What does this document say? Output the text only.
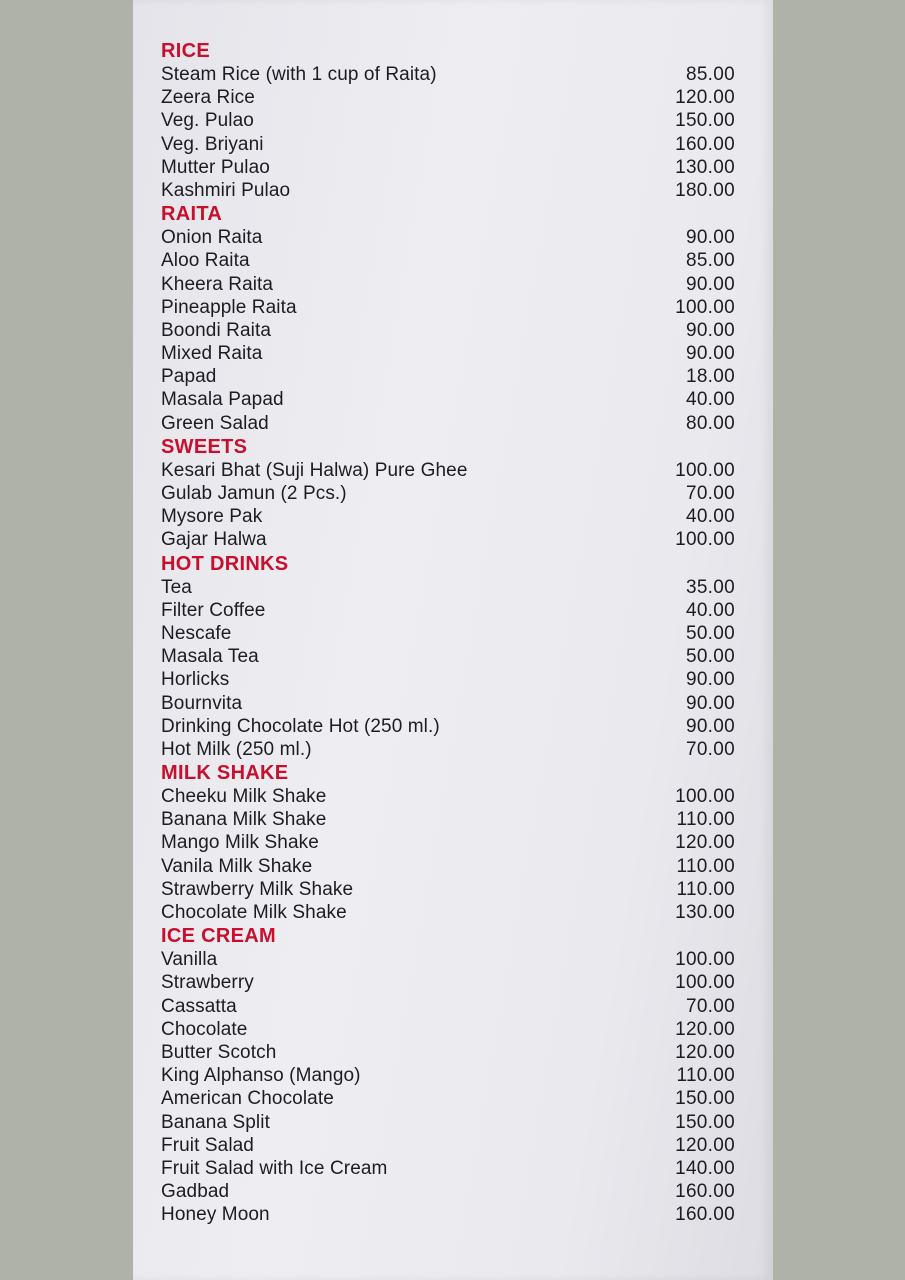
RICE
Steam Rice (with 1 cup of Raita)	85.00
Zeera Rice	120.00
Veg. Pulao	150.00
Veg. Briyani	160.00
Mutter Pulao	130.00
Kashmiri Pulao	180.00
RAITA
Onion Raita	90.00
Aloo Raita	85.00
Kheera Raita	90.00
Pineapple Raita	100.00
Boondi Raita	90.00
Mixed Raita	90.00
Papad	18.00
Masala Papad	40.00
Green Salad	80.00
SWEETS
Kesari Bhat (Suji Halwa) Pure Ghee	100.00
Gulab Jamun (2 Pcs.)	70.00
Mysore Pak	40.00
Gajar Halwa	100.00
HOT DRINKS
Tea	35.00
Filter Coffee	40.00
Nescafe	50.00
Masala Tea	50.00
Horlicks	90.00
Bournvita	90.00
Drinking Chocolate Hot (250 ml.)	90.00
Hot Milk (250 ml.)	70.00
MILK SHAKE
Cheeku Milk Shake	100.00
Banana Milk Shake	110.00
Mango Milk Shake	120.00
Vanila Milk Shake	110.00
Strawberry Milk Shake	110.00
Chocolate Milk Shake	130.00
ICE CREAM
Vanilla	100.00
Strawberry	100.00
Cassatta	70.00
Chocolate	120.00
Butter Scotch	120.00
King Alphanso (Mango)	110.00
American Chocolate	150.00
Banana Split	150.00
Fruit Salad	120.00
Fruit Salad with Ice Cream	140.00
Gadbad	160.00
Honey Moon	160.00
